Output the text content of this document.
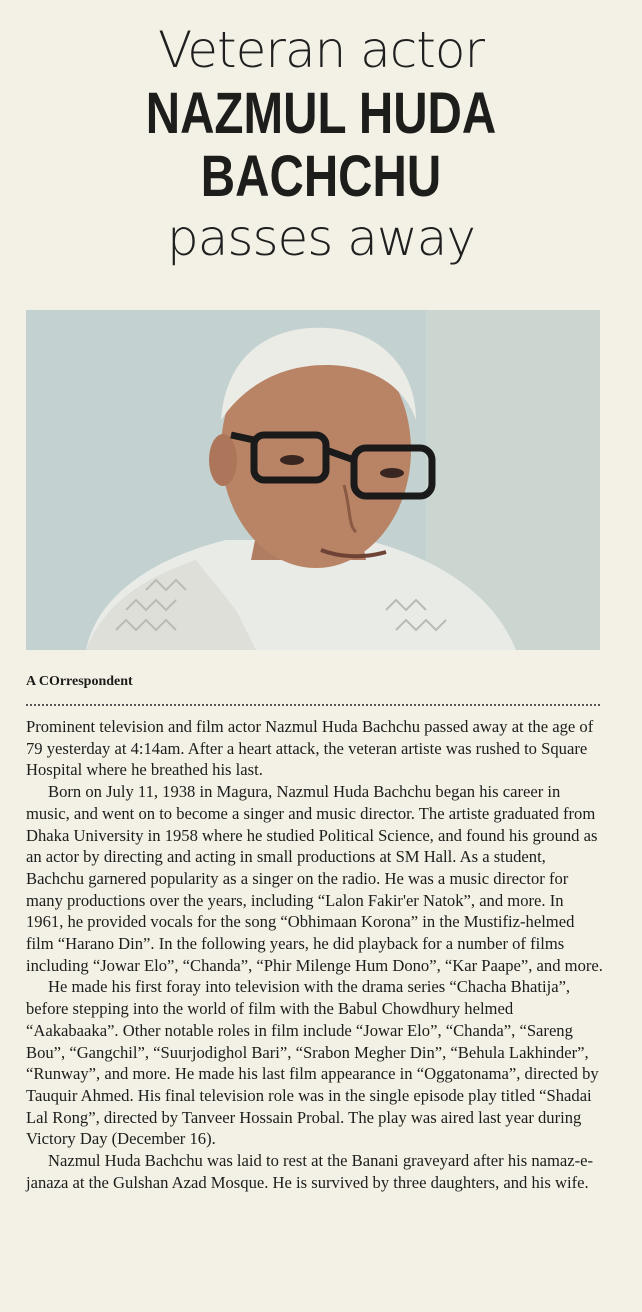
Veteran actor
NAZMUL HUDA
BACHCHU
passes away
A COrrespondent

Prominent television and film actor Nazmul Huda Bachchu passed away at the age of 79 yesterday at 4:14am. After a heart attack, the veteran artiste was rushed to Square Hospital where he breathed his last.

Born on July 11, 1938 in Magura, Nazmul Huda Bachchu began his career in music, and went on to become a singer and music director. The artiste graduated from Dhaka University in 1958 where he studied Political Science, and found his ground as an actor by directing and acting in small productions at SM Hall. As a student, Bachchu garnered popularity as a singer on the radio. He was a music director for many productions over the years, including “Lalon Fakir'er Natok”, and more. In 1961, he provided vocals for the song “Obhimaan Korona” in the Mustifiz-helmed film “Harano Din”. In the following years, he did playback for a number of films including “Jowar Elo”, “Chanda”, “Phir Milenge Hum Dono”, “Kar Paape”, and more.

He made his first foray into television with the drama series “Chacha Bhatija”, before stepping into the world of film with the Babul Chowdhury helmed “Aakabaaka”. Other notable roles in film include “Jowar Elo”, “Chanda”, “Sareng Bou”, “Gangchil”, “Suurjodighol Bari”, “Srabon Megher Din”, “Behula Lakhinder”, “Runway”, and more. He made his last film appearance in “Oggatonama”, directed by Tauquir Ahmed. His final television role was in the single episode play titled “Shadai Lal Rong”, directed by Tanveer Hossain Probal. The play was aired last year during Victory Day (December 16).

Nazmul Huda Bachchu was laid to rest at the Banani graveyard after his namaz-e-janaza at the Gulshan Azad Mosque. He is survived by three daughters, and his wife.
